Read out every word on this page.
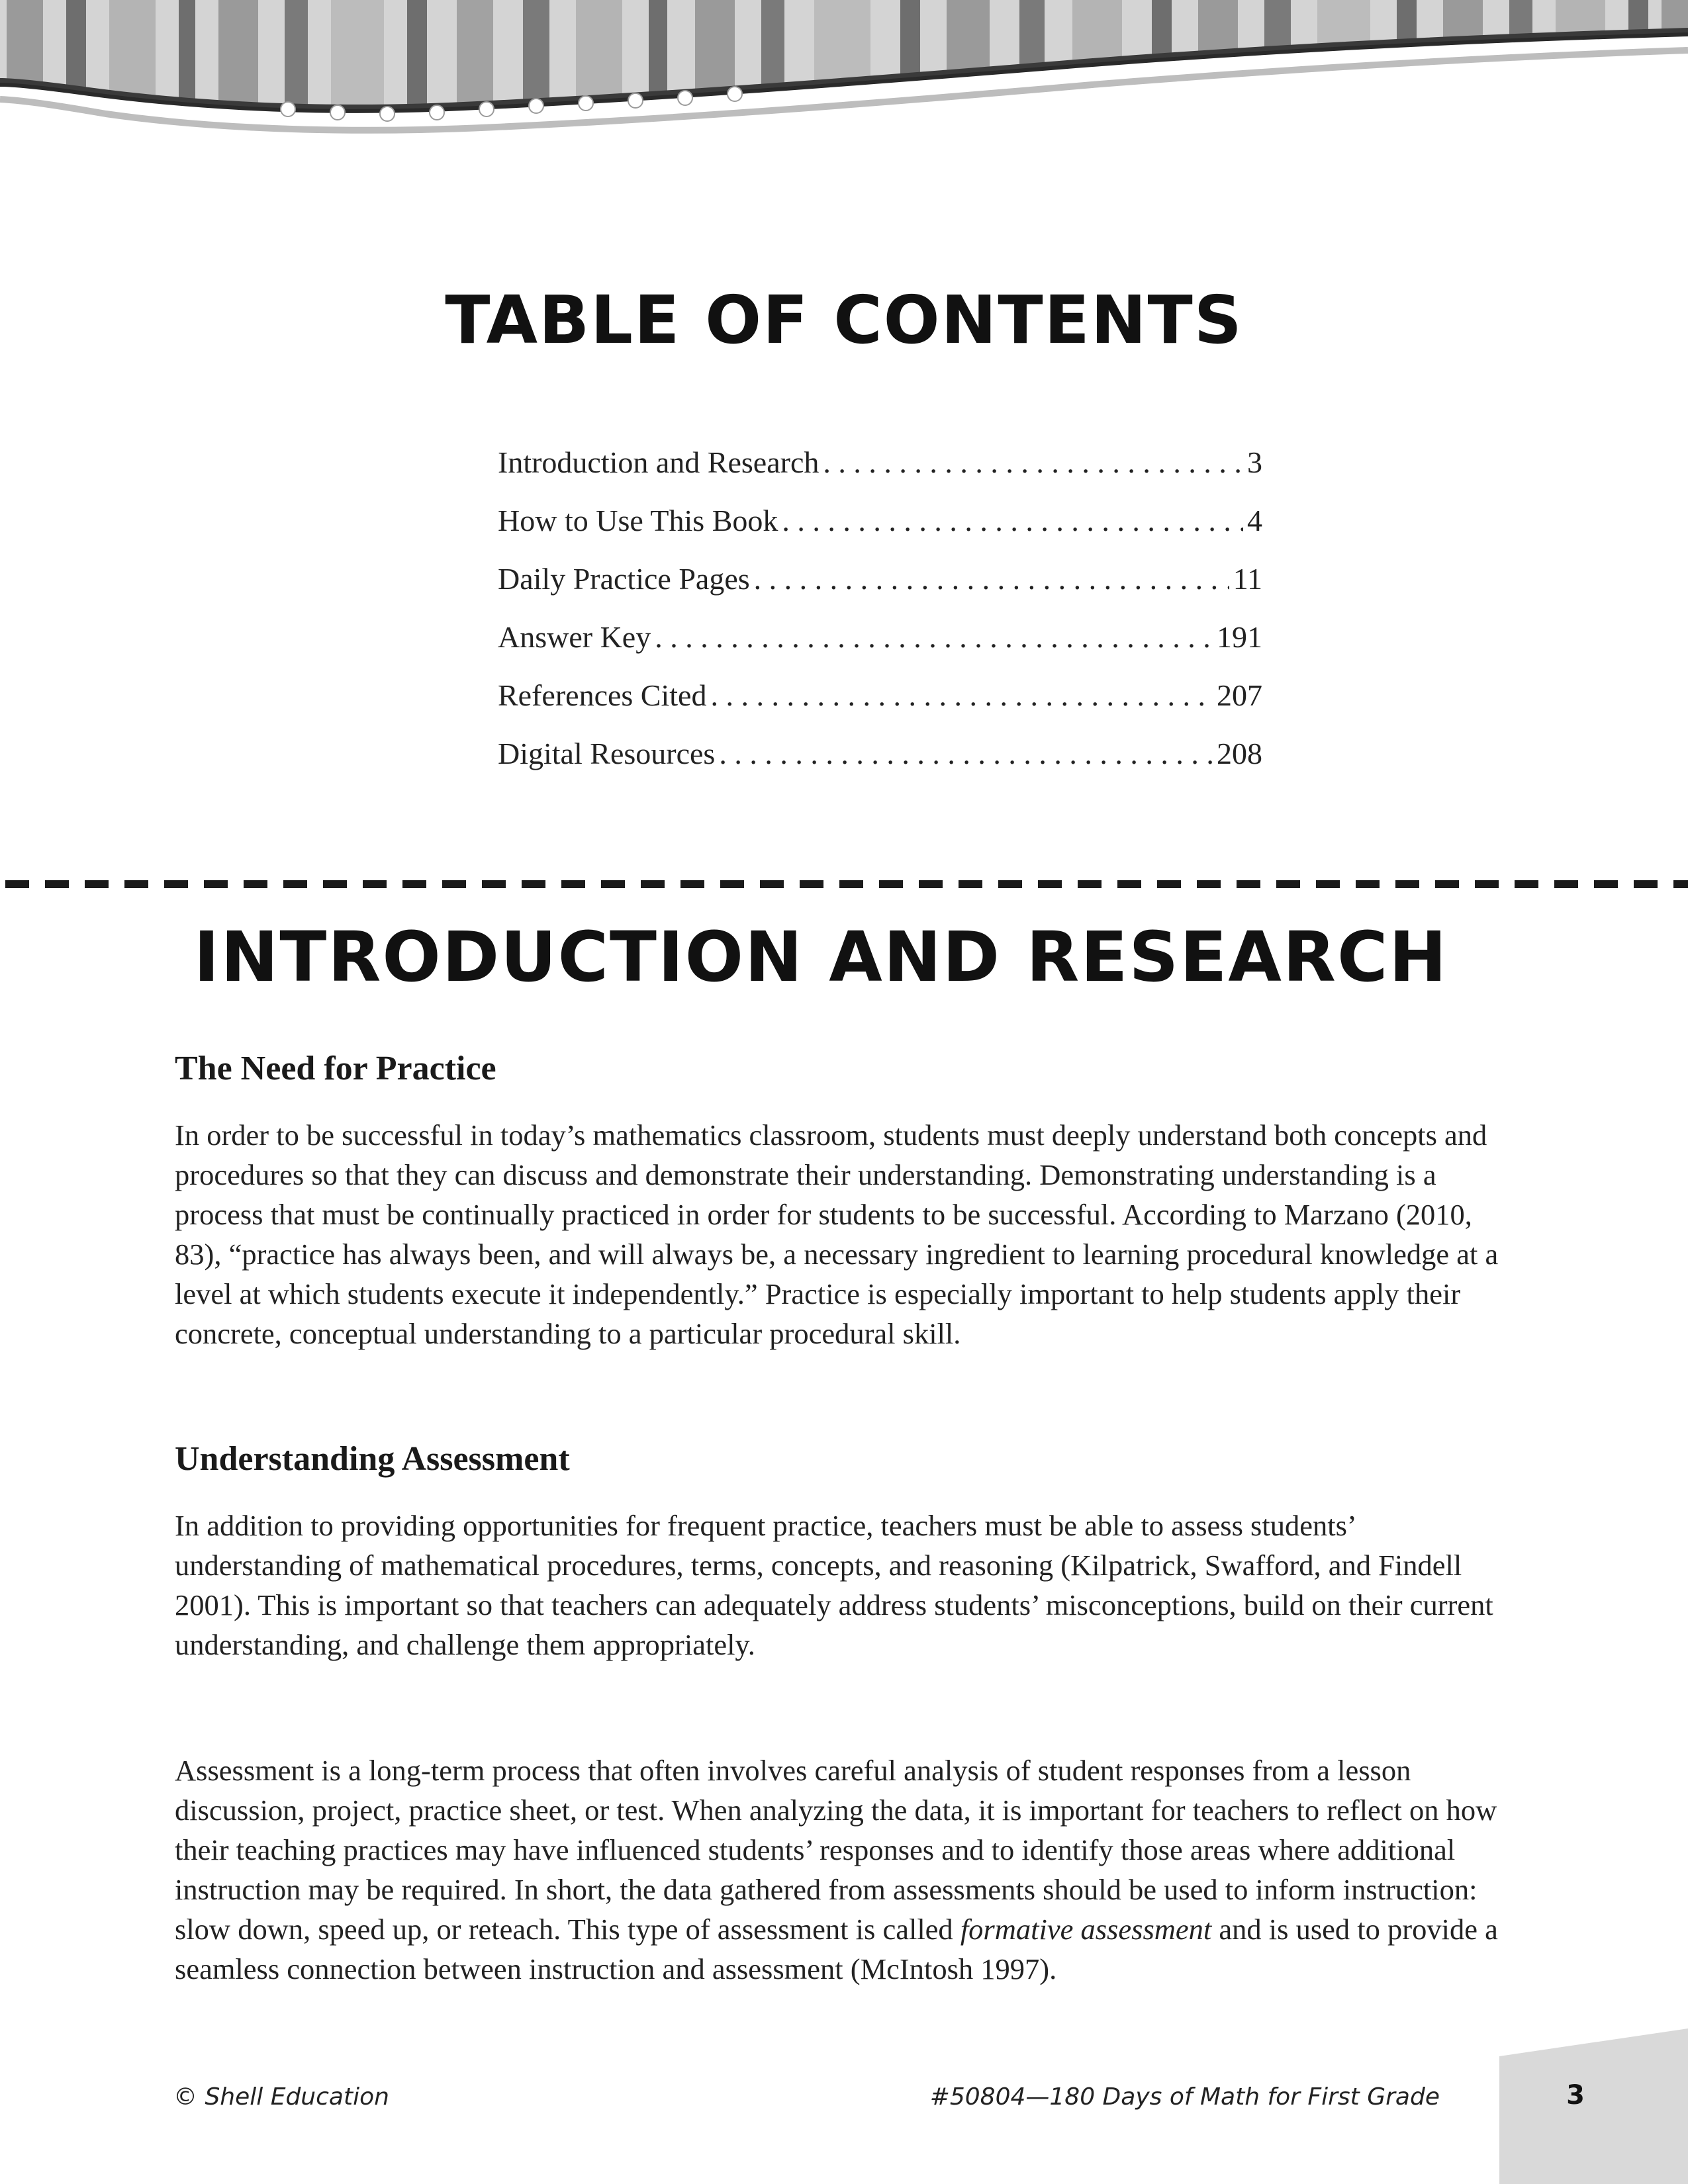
TABLE OF CONTENTS
Introduction and Research . . .	3
How to Use This Book . . .	4
Daily Practice Pages . . .	11
Answer Key . . .	191
References Cited . . .	207
Digital Resources . . .	208
INTRODUCTION AND RESEARCH
The Need for Practice

In order to be successful in today’s mathematics classroom, students must deeply understand both concepts and procedures so that they can discuss and demonstrate their understanding. Demonstrating understanding is a process that must be continually practiced in order for students to be successful. According to Marzano (2010, 83), “practice has always been, and will always be, a necessary ingredient to learning procedural knowledge at a level at which students execute it independently.” Practice is especially important to help students apply their concrete, conceptual understanding to a particular procedural skill.

Understanding Assessment

In addition to providing opportunities for frequent practice, teachers must be able to assess students’ understanding of mathematical procedures, terms, concepts, and reasoning (Kilpatrick, Swafford, and Findell 2001). This is important so that teachers can adequately address students’ misconceptions, build on their current understanding, and challenge them appropriately.

Assessment is a long-term process that often involves careful analysis of student responses from a lesson discussion, project, practice sheet, or test. When analyzing the data, it is important for teachers to reflect on how their teaching practices may have influenced students’ responses and to identify those areas where additional instruction may be required. In short, the data gathered from assessments should be used to inform instruction: slow down, speed up, or reteach. This type of assessment is called formative assessment and is used to provide a seamless connection between instruction and assessment (McIntosh 1997).

© Shell Education	#50804—180 Days of Math for First Grade	3
